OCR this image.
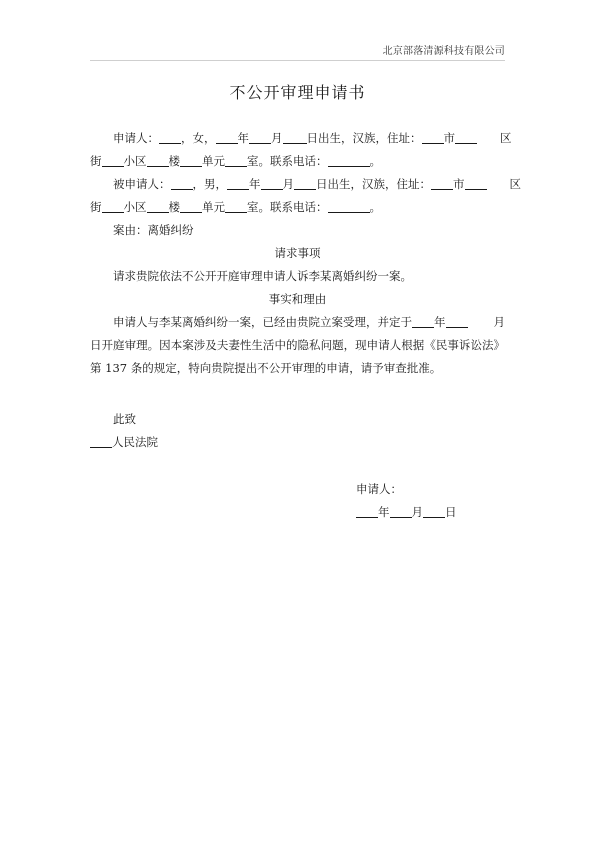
北京部落清源科技有限公司
不公开审理申请书

申请人： ，女， 年 月 日出生，汉族，住址： 市	区

街 小区 楼 单元 室。联系电话：	。

被申请人： ，男， 年 月 日出生，汉族，住址： 市	区

街 小区 楼 单元 室。联系电话：	。

案由：离婚纠纷

请求事项

请求贵院依法不公开开庭审理申请人诉李某离婚纠纷一案。

事实和理由

申请人与李某离婚纠纷一案，已经由贵院立案受理，并定于 年	月

日开庭审理。因本案涉及夫妻性生活中的隐私问题，现申请人根据《民事诉讼法》第 137 条的规定，特向贵院提出不公开审理的申请，请予审查批准。

此致
人民法院
申请人：
年 月 日
